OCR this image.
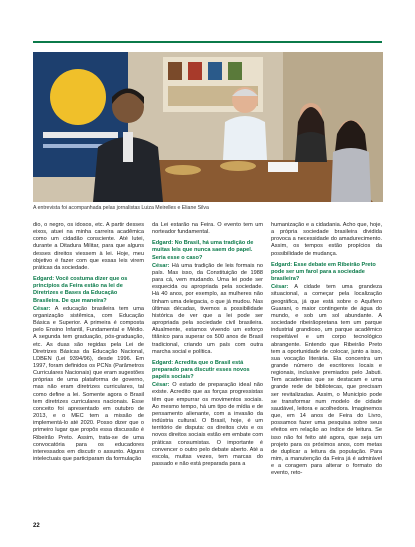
A entrevista foi acompanhada pelas jornalistas Luiza Meirelles e Eliane Silva

dio, o negro, os idosos, etc. A partir desses eixos, atuei na minha carreira acadêmica como um cidadão consciente. Até lutei, durante a Ditadura Militar, para que alguns desses direitos viessem à lei. Hoje, meu objetivo é fazer com que essas leis virem práticas da sociedade.

Edgard: Você costuma dizer que os princípios da Feira estão na lei de Diretrizes e Bases da Educação Brasileira. De que maneira?

César: A educação brasileira tem uma organização sistêmica, com Educação Básica e Superior. A primeira é composta pelo Ensino Infantil, Fundamental e Médio. A segunda tem graduação, pós-graduação, etc. As duas são regidas pela Lei de Diretrizes Básicas da Educação Nacional, LDBEN (Lei 9394/96), desde 1996. Em 1997, foram definidos os PCNs (Parâmetros Curriculares Nacionais) que eram sugestões próprias de uma plataforma de governo, mas não eram diretrizes curriculares, tal como define a lei. Somente agora o Brasil tem diretrizes curriculares nacionais. Esse conceito foi apresentado em outubro de 2013, e o MEC tem a missão de implementá-lo até 2020. Posso dizer que o primeiro lugar que propôs essa discussão é Ribeirão Preto. Assim, trata-se de uma convocatória para os educadores interessados em discutir o assunto. Alguns intelectuais que participaram da formulação

da Lei estarão na Feira. O evento tem um norteador fundamental.

Edgard: No Brasil, há uma tradição de muitas leis que nunca saem do papel. Seria esse o caso?

César: Há uma tradição de leis formais no país. Mas isso, da Constituição de 1988 para cá, vem mudando. Uma lei pode ser esquecida ou apropriada pela sociedade. Há 40 anos, por exemplo, as mulheres não tinham uma delegacia, o que já mudou. Nas últimas décadas, tivemos a possibilidade histórica de ver que a lei pode ser apropriada pela sociedade civil brasileira. Atualmente, estamos vivendo um esforço titânico para superar os 500 anos de Brasil tradicional, criando um país com outra marcha social e política.

Edgard: Acredita que o Brasil está preparado para discutir esses novos papéis sociais?

César: O estado de preparação ideal não existe. Acredito que as forças progressistas têm que empurrar os movimentos sociais. Ao mesmo tempo, há um tipo de mídia e de pensamento alienante, com a invasão da indústria cultural. O Brasil, hoje, é um território de disputa: os direitos civis e os novos direitos sociais estão em embate com práticas consumistas. O importante é convencer o outro pelo debate aberto. Até a escola, muitas vezes, tem marcas do passado e não está preparada para a

humanização e a cidadania. Acho que, hoje, a própria sociedade brasileira dividida provoca a necessidade do amadurecimento. Assim, os tempos estão propícios da possibilidade de mudança.

Edgard: Esse debate em Ribeirão Preto pode ser um farol para a sociedade brasileira?

César: A cidade tem uma grandeza situacional, a começar pela localização geográfica, já que está sobre o Aquífero Guarani, o maior contingente de água do mundo, e sob um sol abundante. A sociedade ribeirãopretana tem um parque industrial grandioso, um parque acadêmico respeitável e um corpo tecnológico abrangente. Entendo que Ribeirão Preto tem a oportunidade de colocar, junto a isso, sua vocação literária. Ela concentra um grande número de escritores locais e regionais, inclusive premiados pelo Jabuti. Tem academias que se destacam e uma grande rede de bibliotecas, que precisam ser revitalizadas. Assim, o Município pode se transformar num modelo de cidade saudável, leitora e acolhedora. Imaginemos que, em 14 anos de Feira do Livro, possamos fazer uma pesquisa sobre seus efeitos em relação ao índice de leitura. Se isso não foi feito até agora, que seja um projeto para os próximos anos, com metas de duplicar a leitura da população. Para mim, a manutenção da Feira já é admirável e a coragem para alterar o formato do evento, reto-

22
